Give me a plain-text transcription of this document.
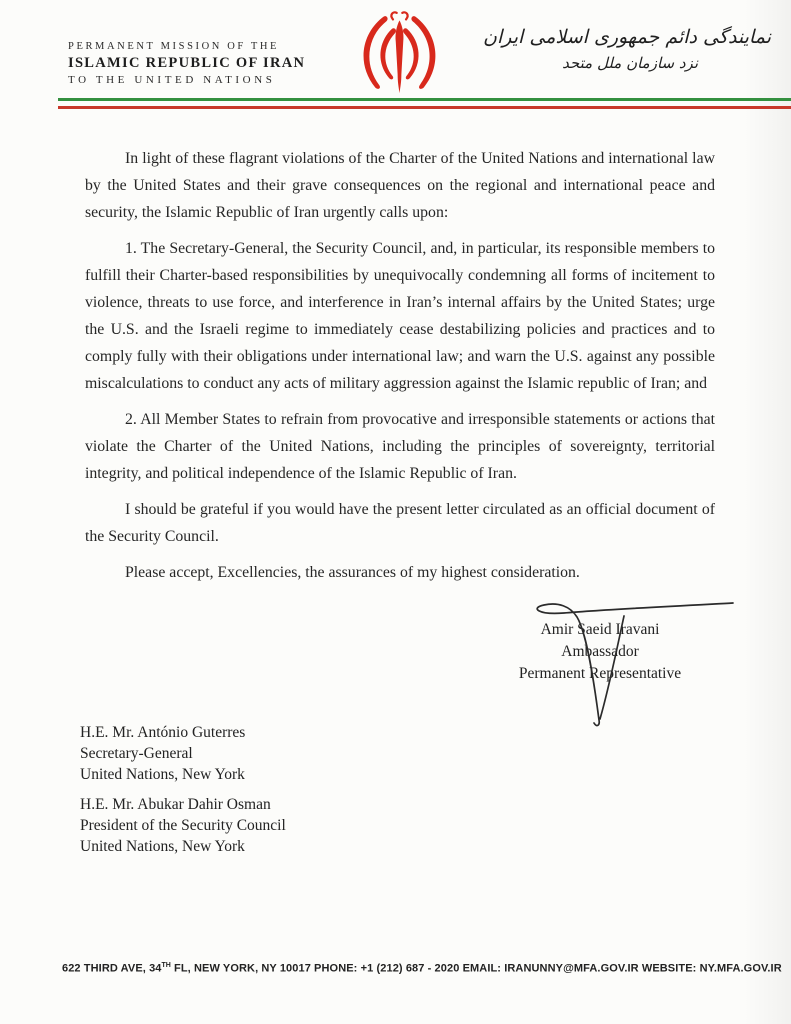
PERMANENT MISSION OF THE
ISLAMIC REPUBLIC OF IRAN
TO THE UNITED NATIONS
نمایندگی دائم جمهوری اسلامی ایران
نزد سازمان ملل متحد

In light of these flagrant violations of the Charter of the United Nations and international law by the United States and their grave consequences on the regional and international peace and security, the Islamic Republic of Iran urgently calls upon:

1. The Secretary-General, the Security Council, and, in particular, its responsible members to fulfill their Charter-based responsibilities by unequivocally condemning all forms of incitement to violence, threats to use force, and interference in Iran’s internal affairs by the United States; urge the U.S. and the Israeli regime to immediately cease destabilizing policies and practices and to comply fully with their obligations under international law; and warn the U.S. against any possible miscalculations to conduct any acts of military aggression against the Islamic republic of Iran; and

2. All Member States to refrain from provocative and irresponsible statements or actions that violate the Charter of the United Nations, including the principles of sovereignty, territorial integrity, and political independence of the Islamic Republic of Iran.

I should be grateful if you would have the present letter circulated as an official document of the Security Council.

Please accept, Excellencies, the assurances of my highest consideration.

Amir Saeid Iravani
Ambassador
Permanent Representative
H.E. Mr. António Guterres
Secretary-General
United Nations, New York
H.E. Mr. Abukar Dahir Osman
President of the Security Council
United Nations, New York
622 THIRD AVE, 34TH FL, NEW YORK, NY 10017 PHONE: +1 (212) 687 - 2020 EMAIL: IRANUNNY@MFA.GOV.IR WEBSITE: NY.MFA.GOV.IR
